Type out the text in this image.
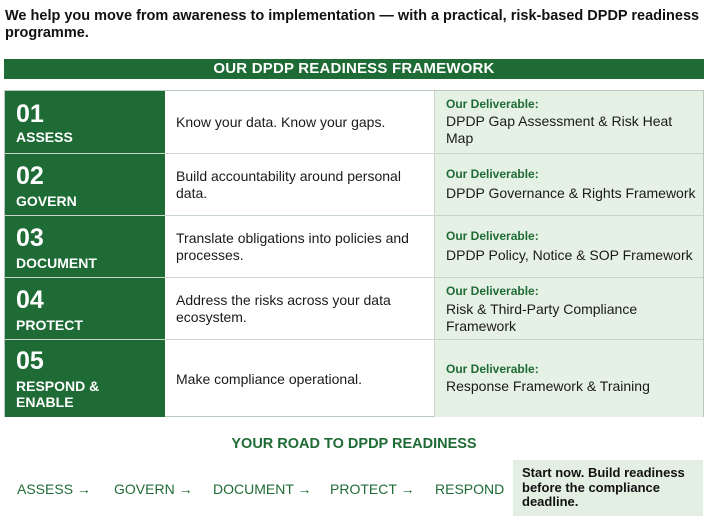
We help you move from awareness to implementation — with a practical, risk-based DPDP readiness programme.
OUR DPDP READINESS FRAMEWORK
01
ASSESS
Know your data. Know your gaps.
Our Deliverable:
DPDP Gap Assessment & Risk Heat Map
02
GOVERN
Build accountability around personal data.
Our Deliverable:
DPDP Governance & Rights Framework
03
DOCUMENT
Translate obligations into policies and processes.
Our Deliverable:
DPDP Policy, Notice & SOP Framework
04
PROTECT
Address the risks across your data ecosystem.
Our Deliverable:
Risk & Third-Party Compliance Framework
05
RESPOND & ENABLE
Make compliance operational.
Our Deliverable:
Response Framework & Training
YOUR ROAD TO DPDP READINESS
ASSESS → GOVERN → DOCUMENT → PROTECT → RESPOND
Start now. Build readiness before the compliance deadline.
